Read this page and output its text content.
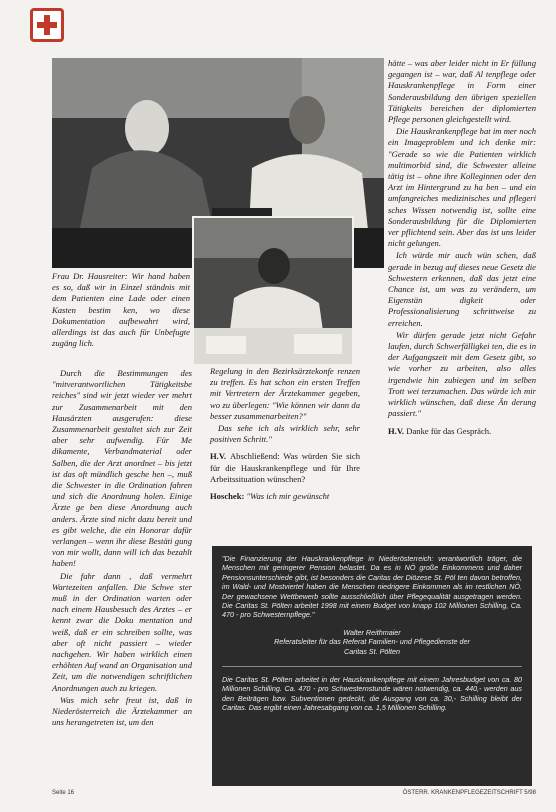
Frau Dr. Hausreiter: Wir hand haben es so, daß wir in Einzel ständnis mit dem Patienten eine Lade oder einen Kasten bestim ken, wo diese Dokumentation aufbewahrt wird, allerdings ist das auch für Unbefugte zugäng lich.

Durch die Bestimmungen des "mitverantwortlichen Tätigkeitsbe reiches" sind wir jetzt wieder ver mehrt zur Zusammenarbeit mit den Hausärzten ausgerufen: diese Zusammenarbeit gestaltet sich zur Zeit aber sehr aufwendig. Für Me dikamente, Verbandmaterial oder Salben, die der Arzt anordnet – bis jetzt ist das oft mündlich gesche hen –, muß die Schwester in die Ordination fahren und sich die Anordnung holen. Einige Ärzte ge ben diese Anordnung auch anders. Ärzte sind nicht dazu bereit und es gibt welche, die ein Honorar dafür verlangen – wenn ihr diese Bestäti gung von mir wollt, dann will ich das bezahlt haben!

Die fahr dann , daß vermehrt Wartezeiten anfallen. Die Schwe ster muß in der Ordination warten oder nach einem Hausbesuch des Arztes – er kennt zwar die Doku mentation und weiß, daß er ein schreiben sollte, was aber oft nicht passiert – wieder nachgehen. Wir haben wirklich einen erhöhten Auf wand an Organisation und Zeit, um die notwendigen schriftlichen Anordnungen auch zu kriegen.

Was mich sehr freut ist, daß in Niederösterreich die Ärztekammer an uns herangetreten ist, um den

Regelung in den Bezirksärztekonfe renzen zu treffen. Es hat schon ein ersten Treffen mit Vertretern der Ärztekammer gegeben, wo zu überlegen: "Wie können wir dann da besser zusammenarbeiten?"

Das sehe ich als wirklich sehr, sehr positiven Schritt."

H.V. Abschließend: Was würden Sie sich für die Hauskrankenpflege und für Ihre Arbeitssituation wünschen?

Hoschek: "Was ich mir gewünscht

hätte – was aber leider nicht in Er füllung gegangen ist – war, daß Al tenpflege oder Hauskrankenpflege in Form einer Sonderausbildung den übrigen speziellen Tätigkeits bereichen der diplomierten Pflege personen gleichgestellt wird.

Die Hauskrankenpflege hat im mer noch ein Imageproblem und ich denke mir: "Gerade so wie die Patienten wirklich multimorbid sind, die Schwester alleine tätig ist – ohne ihre Kolleginnen oder den Arzt im Hintergrund zu ha ben – und ein umfangreiches medizinisches und pflegeri sches Wissen notwendig ist, sollte eine Sonderausbildung für die Diplomierten ver pflichtend sein. Aber das ist uns leider nicht gelungen.

Ich würde mir auch wün schen, daß gerade in bezug auf dieses neue Gesetz die Schwestern erkennen, daß das jetzt eine Chance ist, um was zu verändern, um Eigenstän digkeit oder Professionalisierung schrittweise zu erreichen.

Wir dürfen gerade jetzt nicht Gefahr laufen, durch Schwerfälligkei ten, die es in der Aufgangszeit mit dem Gesetz gibt, so wie vorher zu arbeiten, also alles irgendwie hin zubiegen und im selben Trott wei terzumachen. Das würde ich mir wirklich wünschen, daß diese Än derung passiert."

H.V. Danke für das Gespräch.

"Die Finanzierung der Hauskrankenpflege in Niederösterreich: verantwortlich träger, die Menschen mit geringerer Pension belastet. Da es in NÖ große Einkommens und daher Pensionsunterschiede gibt, ist besonders die Caritas der Diözese St. Pöl ten davon betroffen, im Wald- und Mostviertel haben die Menschen niedrigere Einkommen als im restlichen NÖ. Der gewachsene Wettbewerb sollte ausschließlich über Pflegequalität ausgetragen werden. Die Caritas St. Pölten arbeitet 1998 mit einem Budget von knapp 102 Millionen Schilling, Ca. 470 - pro Schwesternpflege."

Walter Reithmaier
Referatsleiter für das Referat Familien- und Pflegedienste der
Caritas St. Pölten

Die Caritas St. Pölten arbeitet in der Hauskrankenpflege mit einem Jahresbudget von ca. 80 Millionen Schilling. Ca. 470 - pro Schwesternstunde wären notwendig, ca. 440,- werden aus den Beiträgen bzw. Subventionen gedeckt, die Ausgang von ca. 30,- Schilling bleibt der Caritas. Das ergibt einen Jahresabgang von ca. 1,5 Millionen Schilling.

Seite 16	ÖSTERR. KRANKENPFLEGEZEITSCHRIFT 5/98
